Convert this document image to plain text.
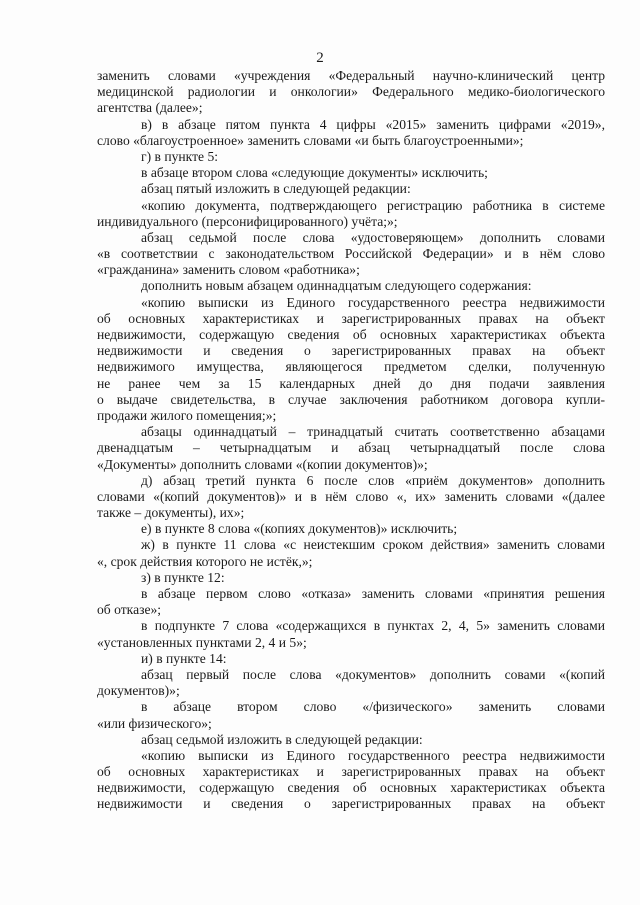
2
заменить словами «учреждения «Федеральный научно-клинический центр
медицинской радиологии и онкологии» Федерального медико-биологического
агентства (далее»;
в) в абзаце пятом пункта 4 цифры «2015» заменить цифрами «2019»,
слово «благоустроенное» заменить словами «и быть благоустроенными»;
г) в пункте 5:
в абзаце втором слова «следующие документы» исключить;
абзац пятый изложить в следующей редакции:
«копию документа, подтверждающего регистрацию работника в системе
индивидуального (персонифицированного) учёта;»;
абзац седьмой после слова «удостоверяющем» дополнить словами
«в соответствии с законодательством Российской Федерации» и в нём слово
«гражданина» заменить словом «работника»;
дополнить новым абзацем одиннадцатым следующего содержания:
«копию выписки из Единого государственного реестра недвижимости
об основных характеристиках и зарегистрированных правах на объект
недвижимости, содержащую сведения об основных характеристиках объекта
недвижимости и сведения о зарегистрированных правах на объект
недвижимого имущества, являющегося предметом сделки, полученную
не ранее чем за 15 календарных дней до дня подачи заявления
о выдаче свидетельства, в случае заключения работником договора купли-
продажи жилого помещения;»;
абзацы одиннадцатый – тринадцатый считать соответственно абзацами
двенадцатым – четырнадцатым и абзац четырнадцатый после слова
«Документы» дополнить словами «(копии документов)»;
д) абзац третий пункта 6 после слов «приём документов» дополнить
словами «(копий документов)» и в нём слово «, их» заменить словами «(далее
также – документы), их»;
е) в пункте 8 слова «(копиях документов)» исключить;
ж) в пункте 11 слова «с неистекшим сроком действия» заменить словами
«, срок действия которого не истёк,»;
з) в пункте 12:
в абзаце первом слово «отказа» заменить словами «принятия решения
об отказе»;
в подпункте 7 слова «содержащихся в пунктах 2, 4, 5» заменить словами
«установленных пунктами 2, 4 и 5»;
и) в пункте 14:
абзац первый после слова «документов» дополнить совами «(копий
документов)»;
в абзаце втором слово «/физического» заменить словами
«или физического»;
абзац седьмой изложить в следующей редакции:
«копию выписки из Единого государственного реестра недвижимости
об основных характеристиках и зарегистрированных правах на объект
недвижимости, содержащую сведения об основных характеристиках объекта
недвижимости и сведения о зарегистрированных правах на объект
